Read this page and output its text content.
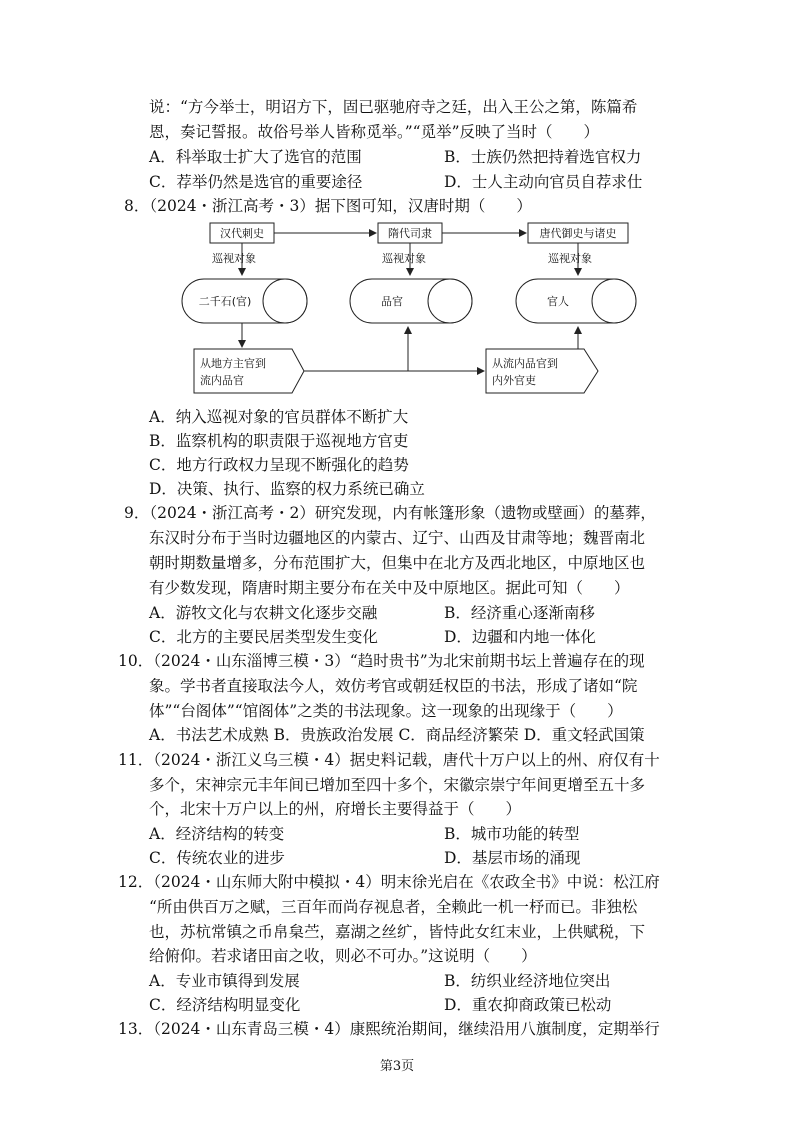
说：“方今举士，明诏方下，固已驱驰府寺之廷，出入王公之第，陈篇希
恩，奏记誓报。故俗号举人皆称觅举。”“觅举”反映了当时（　　）
A．科举取士扩大了选官的范围	B．士族仍然把持着选官权力
C．荐举仍然是选官的重要途径	D．士人主动向官员自荐求仕
8．（2024・浙江高考・3）据下图可知，汉唐时期（　　）
汉代刺史	隋代司隶	唐代御史与诸史
巡视对象	巡视对象	巡视对象
二千石(官)	品官	官人
从地方主官到
流内品官
从流内品官到
内外官吏
A．纳入巡视对象的官员群体不断扩大
B．监察机构的职责限于巡视地方官吏
C．地方行政权力呈现不断强化的趋势
D．决策、执行、监察的权力系统已确立
9．（2024・浙江高考・2）研究发现，内有帐篷形象（遗物或壁画）的墓葬，
东汉时分布于当时边疆地区的内蒙古、辽宁、山西及甘肃等地；魏晋南北
朝时期数量增多，分布范围扩大，但集中在北方及西北地区，中原地区也
有少数发现，隋唐时期主要分布在关中及中原地区。据此可知（　　）
A．游牧文化与农耕文化逐步交融	B．经济重心逐渐南移
C．北方的主要民居类型发生变化	D．边疆和内地一体化
10．（2024・山东淄博三模・3）“趋时贵书”为北宋前期书坛上普遍存在的现
象。学书者直接取法今人，效仿考官或朝廷权臣的书法，形成了诸如“院
体”“台阁体”“馆阁体”之类的书法现象。这一现象的出现缘于（　　）
A．书法艺术成熟 B．贵族政治发展 C．商品经济繁荣 D．重文轻武国策
11．（2024・浙江义乌三模・4）据史料记载，唐代十万户以上的州、府仅有十
多个，宋神宗元丰年间已增加至四十多个，宋徽宗崇宁年间更增至五十多
个，北宋十万户以上的州，府增长主要得益于（　　）
A．经济结构的转变	B．城市功能的转型
C．传统农业的进步	D．基层市场的涌现
12．（2024・山东师大附中模拟・4）明末徐光启在《农政全书》中说：松江府
“所由供百万之赋，三百年而尚存视息者，全赖此一机一杼而已。非独松
也，苏杭常镇之币帛枲苎，嘉湖之丝纩，皆恃此女红末业，上供赋税，下
给俯仰。若求诸田亩之收，则必不可办。”这说明（　　）
A．专业市镇得到发展	B．纺织业经济地位突出
C．经济结构明显变化	D．重农抑商政策已松动
13．（2024・山东青岛三模・4）康熙统治期间，继续沿用八旗制度，定期举行
第3页
